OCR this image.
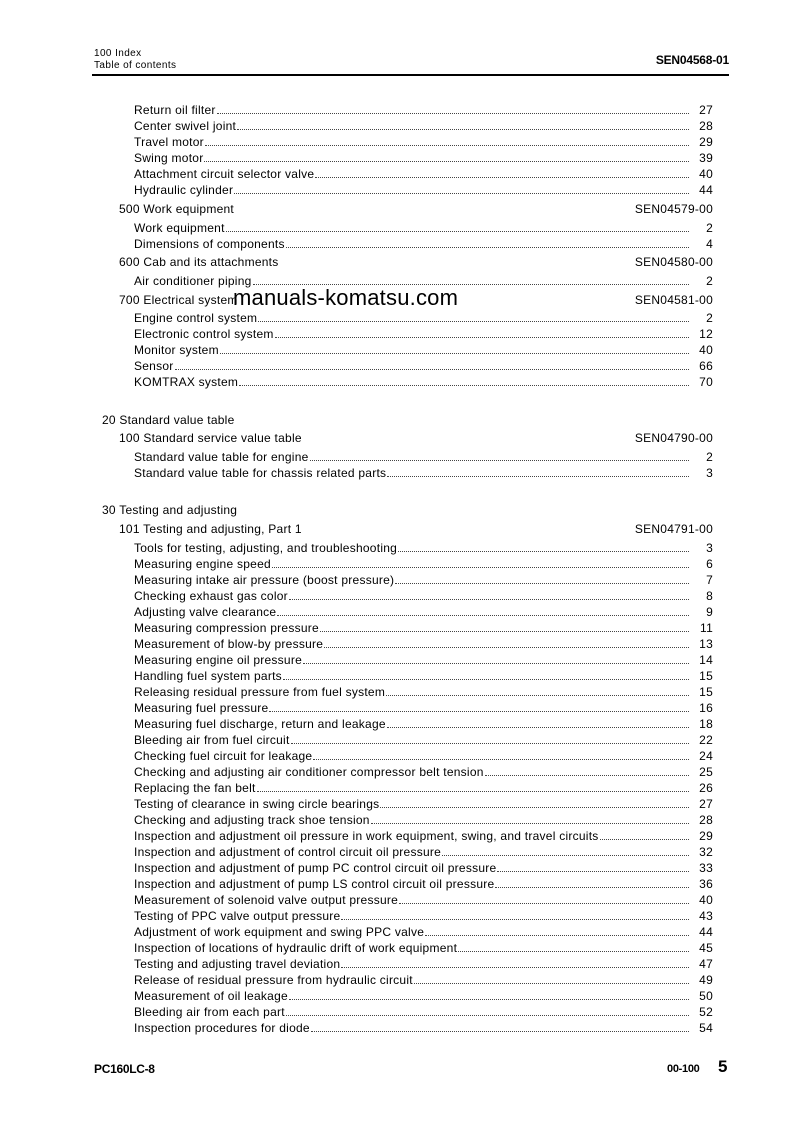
100 Index
Table of contents	SEN04568-01
Return oil filter	27
Center swivel joint	28
Travel motor	29
Swing motor	39
Attachment circuit selector valve	40
Hydraulic cylinder	44
500 Work equipment	SEN04579-00
Work equipment	2
Dimensions of components	4
600 Cab and its attachments	SEN04580-00
Air conditioner piping	2
700 Electrical system	SEN04581-00
Engine control system	2
Electronic control system	12
Monitor system	40
Sensor	66
KOMTRAX system	70
20 Standard value table
100 Standard service value table	SEN04790-00
Standard value table for engine	2
Standard value table for chassis related parts	3
30 Testing and adjusting
101 Testing and adjusting, Part 1	SEN04791-00
Tools for testing, adjusting, and troubleshooting	3
Measuring engine speed	6
Measuring intake air pressure (boost pressure)	7
Checking exhaust gas color	8
Adjusting valve clearance	9
Measuring compression pressure	11
Measurement of blow-by pressure	13
Measuring engine oil pressure	14
Handling fuel system parts	15
Releasing residual pressure from fuel system	15
Measuring fuel pressure	16
Measuring fuel discharge, return and leakage	18
Bleeding air from fuel circuit	22
Checking fuel circuit for leakage	24
Checking and adjusting air conditioner compressor belt tension	25
Replacing the fan belt	26
Testing of clearance in swing circle bearings	27
Checking and adjusting track shoe tension	28
Inspection and adjustment oil pressure in work equipment, swing, and travel circuits	29
Inspection and adjustment of control circuit oil pressure	32
Inspection and adjustment of pump PC control circuit oil pressure	33
Inspection and adjustment of pump LS control circuit oil pressure	36
Measurement of solenoid valve output pressure	40
Testing of PPC valve output pressure	43
Adjustment of work equipment and swing PPC valve	44
Inspection of locations of hydraulic drift of work equipment	45
Testing and adjusting travel deviation	47
Release of residual pressure from hydraulic circuit	49
Measurement of oil leakage	50
Bleeding air from each part	52
Inspection procedures for diode	54
manuals-komatsu.com
PC160LC-8	00-100 5
